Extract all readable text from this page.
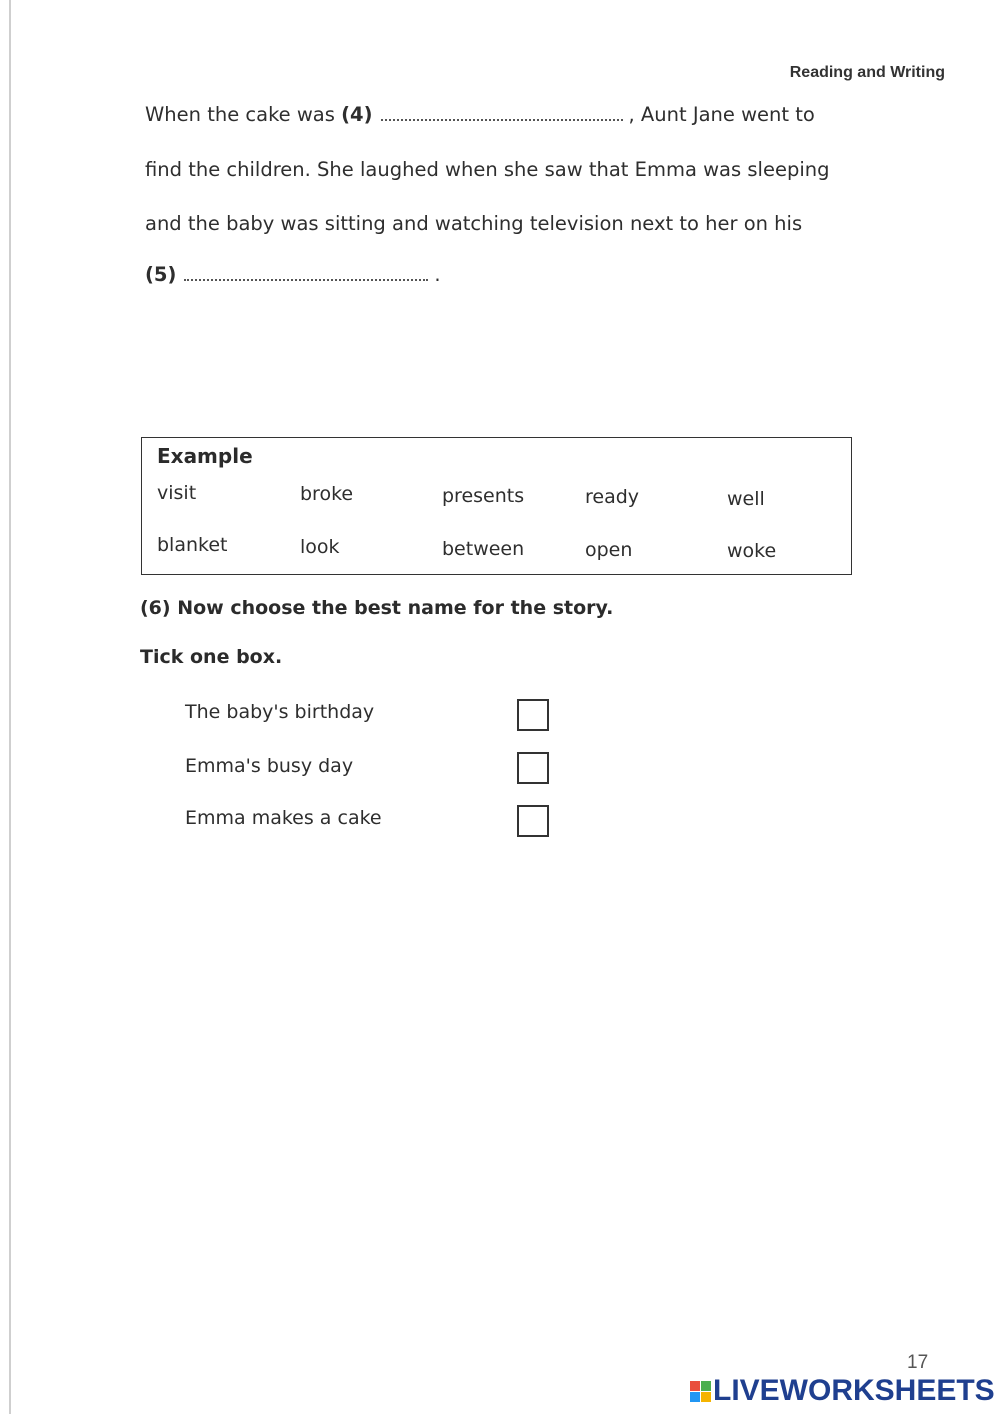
Reading and Writing
When the cake was (4)	, Aunt Jane went to
find the children. She laughed when she saw that Emma was sleeping
and the baby was sitting and watching television next to her on his
(5)	.
Example
visit	broke	presents	ready	well
blanket	look	between	open	woke
(6) Now choose the best name for the story.
Tick one box.
The baby's birthday
Emma's busy day
Emma makes a cake
17
LIVEWORKSHEETS
